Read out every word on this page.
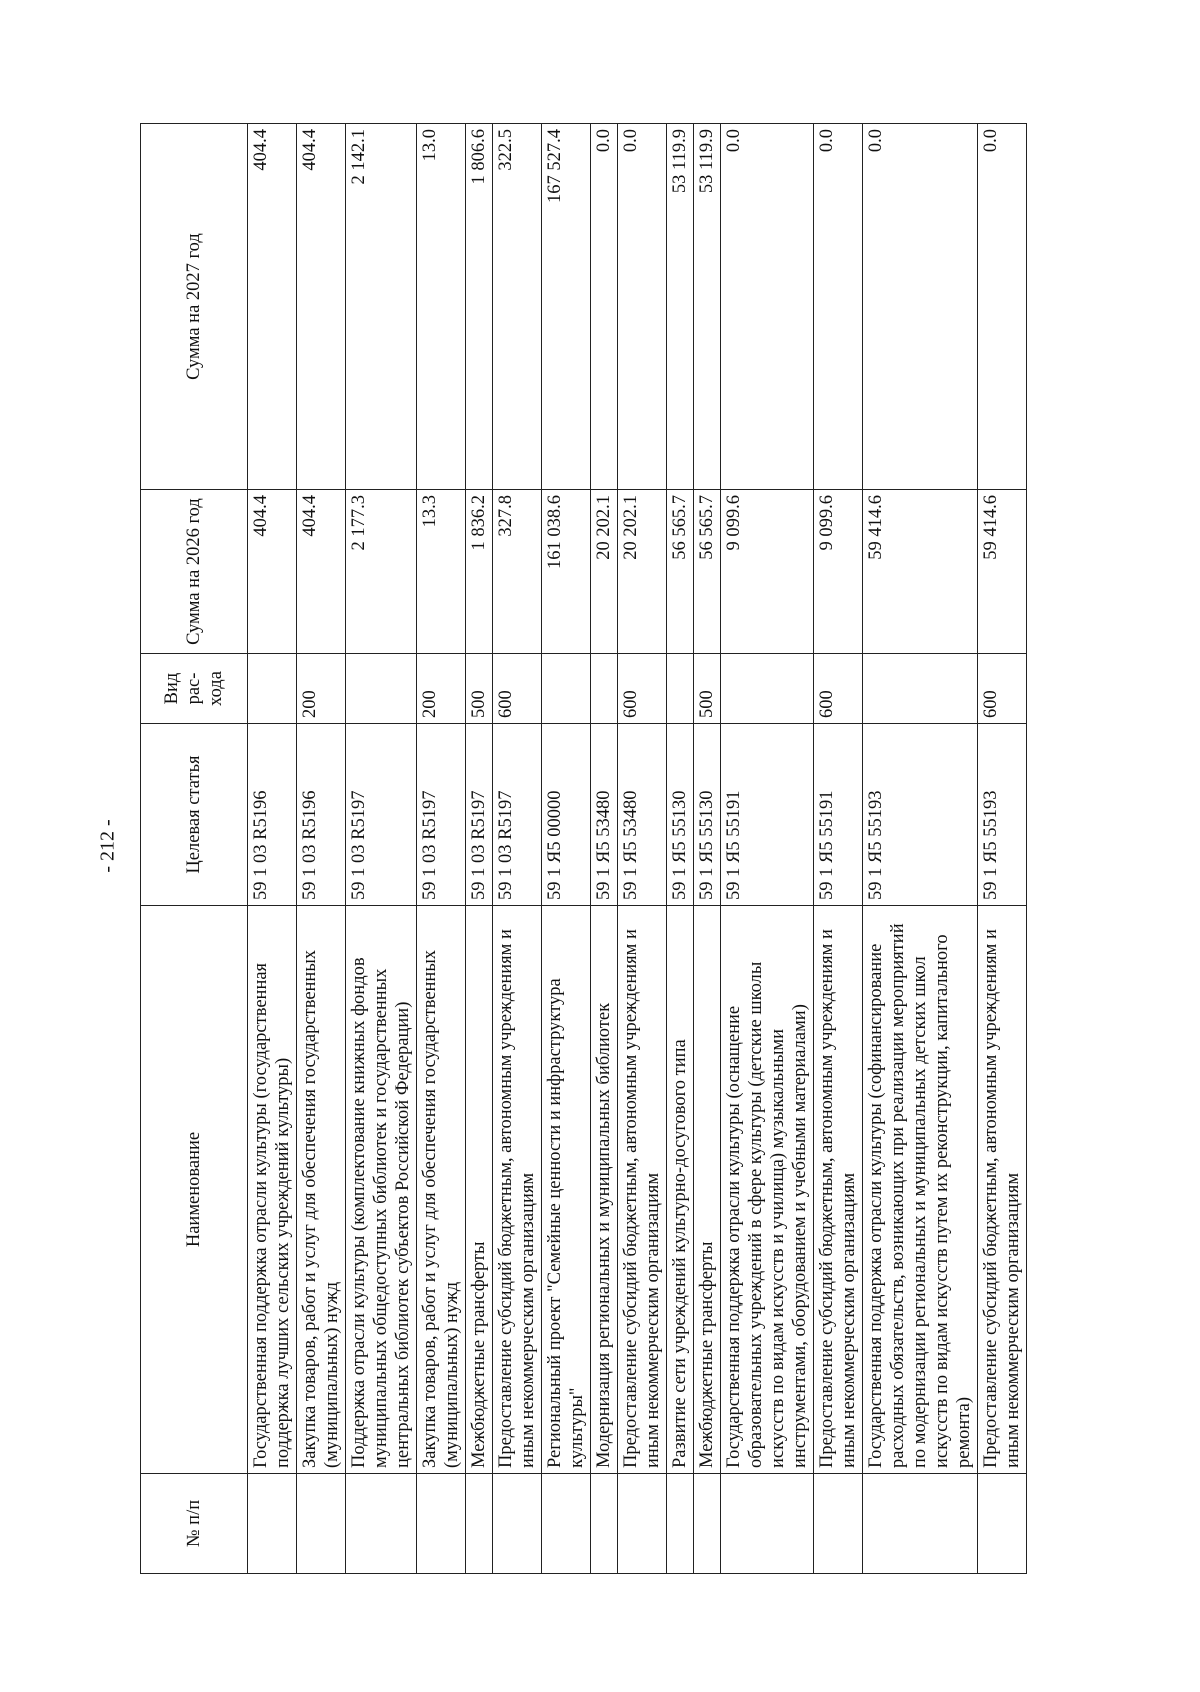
- 212 -
№ п/п	Наименование	Целевая статья	Вид рас- хода	Сумма на 2026 год	Сумма на 2027 год
	Государственная поддержка отрасли культуры (государственная поддержка лучших сельских учреждений культуры)	59 1 03 R5196		404.4	404.4
	Закупка товаров, работ и услуг для обеспечения государственных (муниципальных) нужд	59 1 03 R5196	200	404.4	404.4
	Поддержка отрасли культуры (комплектование книжных фондов муниципальных общедоступных библиотек и государственных центральных библиотек субъектов Российской Федерации)	59 1 03 R5197		2 177.3	2 142.1
	Закупка товаров, работ и услуг для обеспечения государственных (муниципальных) нужд	59 1 03 R5197	200	13.3	13.0
	Межбюджетные трансферты	59 1 03 R5197	500	1 836.2	1 806.6
	Предоставление субсидий бюджетным, автономным учреждениям и иным некоммерческим организациям	59 1 03 R5197	600	327.8	322.5
	Региональный проект "Семейные ценности и инфраструктура культуры"	59 1 Я5 00000		161 038.6	167 527.4
	Модернизация региональных и муниципальных библиотек	59 1 Я5 53480		20 202.1	0.0
	Предоставление субсидий бюджетным, автономным учреждениям и иным некоммерческим организациям	59 1 Я5 53480	600	20 202.1	0.0
	Развитие сети учреждений культурно-досугового типа	59 1 Я5 55130		56 565.7	53 119.9
	Межбюджетные трансферты	59 1 Я5 55130	500	56 565.7	53 119.9
	Государственная поддержка отрасли культуры (оснащение образовательных учреждений в сфере культуры (детские школы искусств по видам искусств и училища) музыкальными инструментами, оборудованием и учебными материалами)	59 1 Я5 55191		9 099.6	0.0
	Предоставление субсидий бюджетным, автономным учреждениям и иным некоммерческим организациям	59 1 Я5 55191	600	9 099.6	0.0
	Государственная поддержка отрасли культуры (софинансирование расходных обязательств, возникающих при реализации мероприятий по модернизации региональных и муниципальных детских школ искусств по видам искусств путем их реконструкции, капитального ремонта)	59 1 Я5 55193		59 414.6	0.0
	Предоставление субсидий бюджетным, автономным учреждениям и иным некоммерческим организациям	59 1 Я5 55193	600	59 414.6	0.0
